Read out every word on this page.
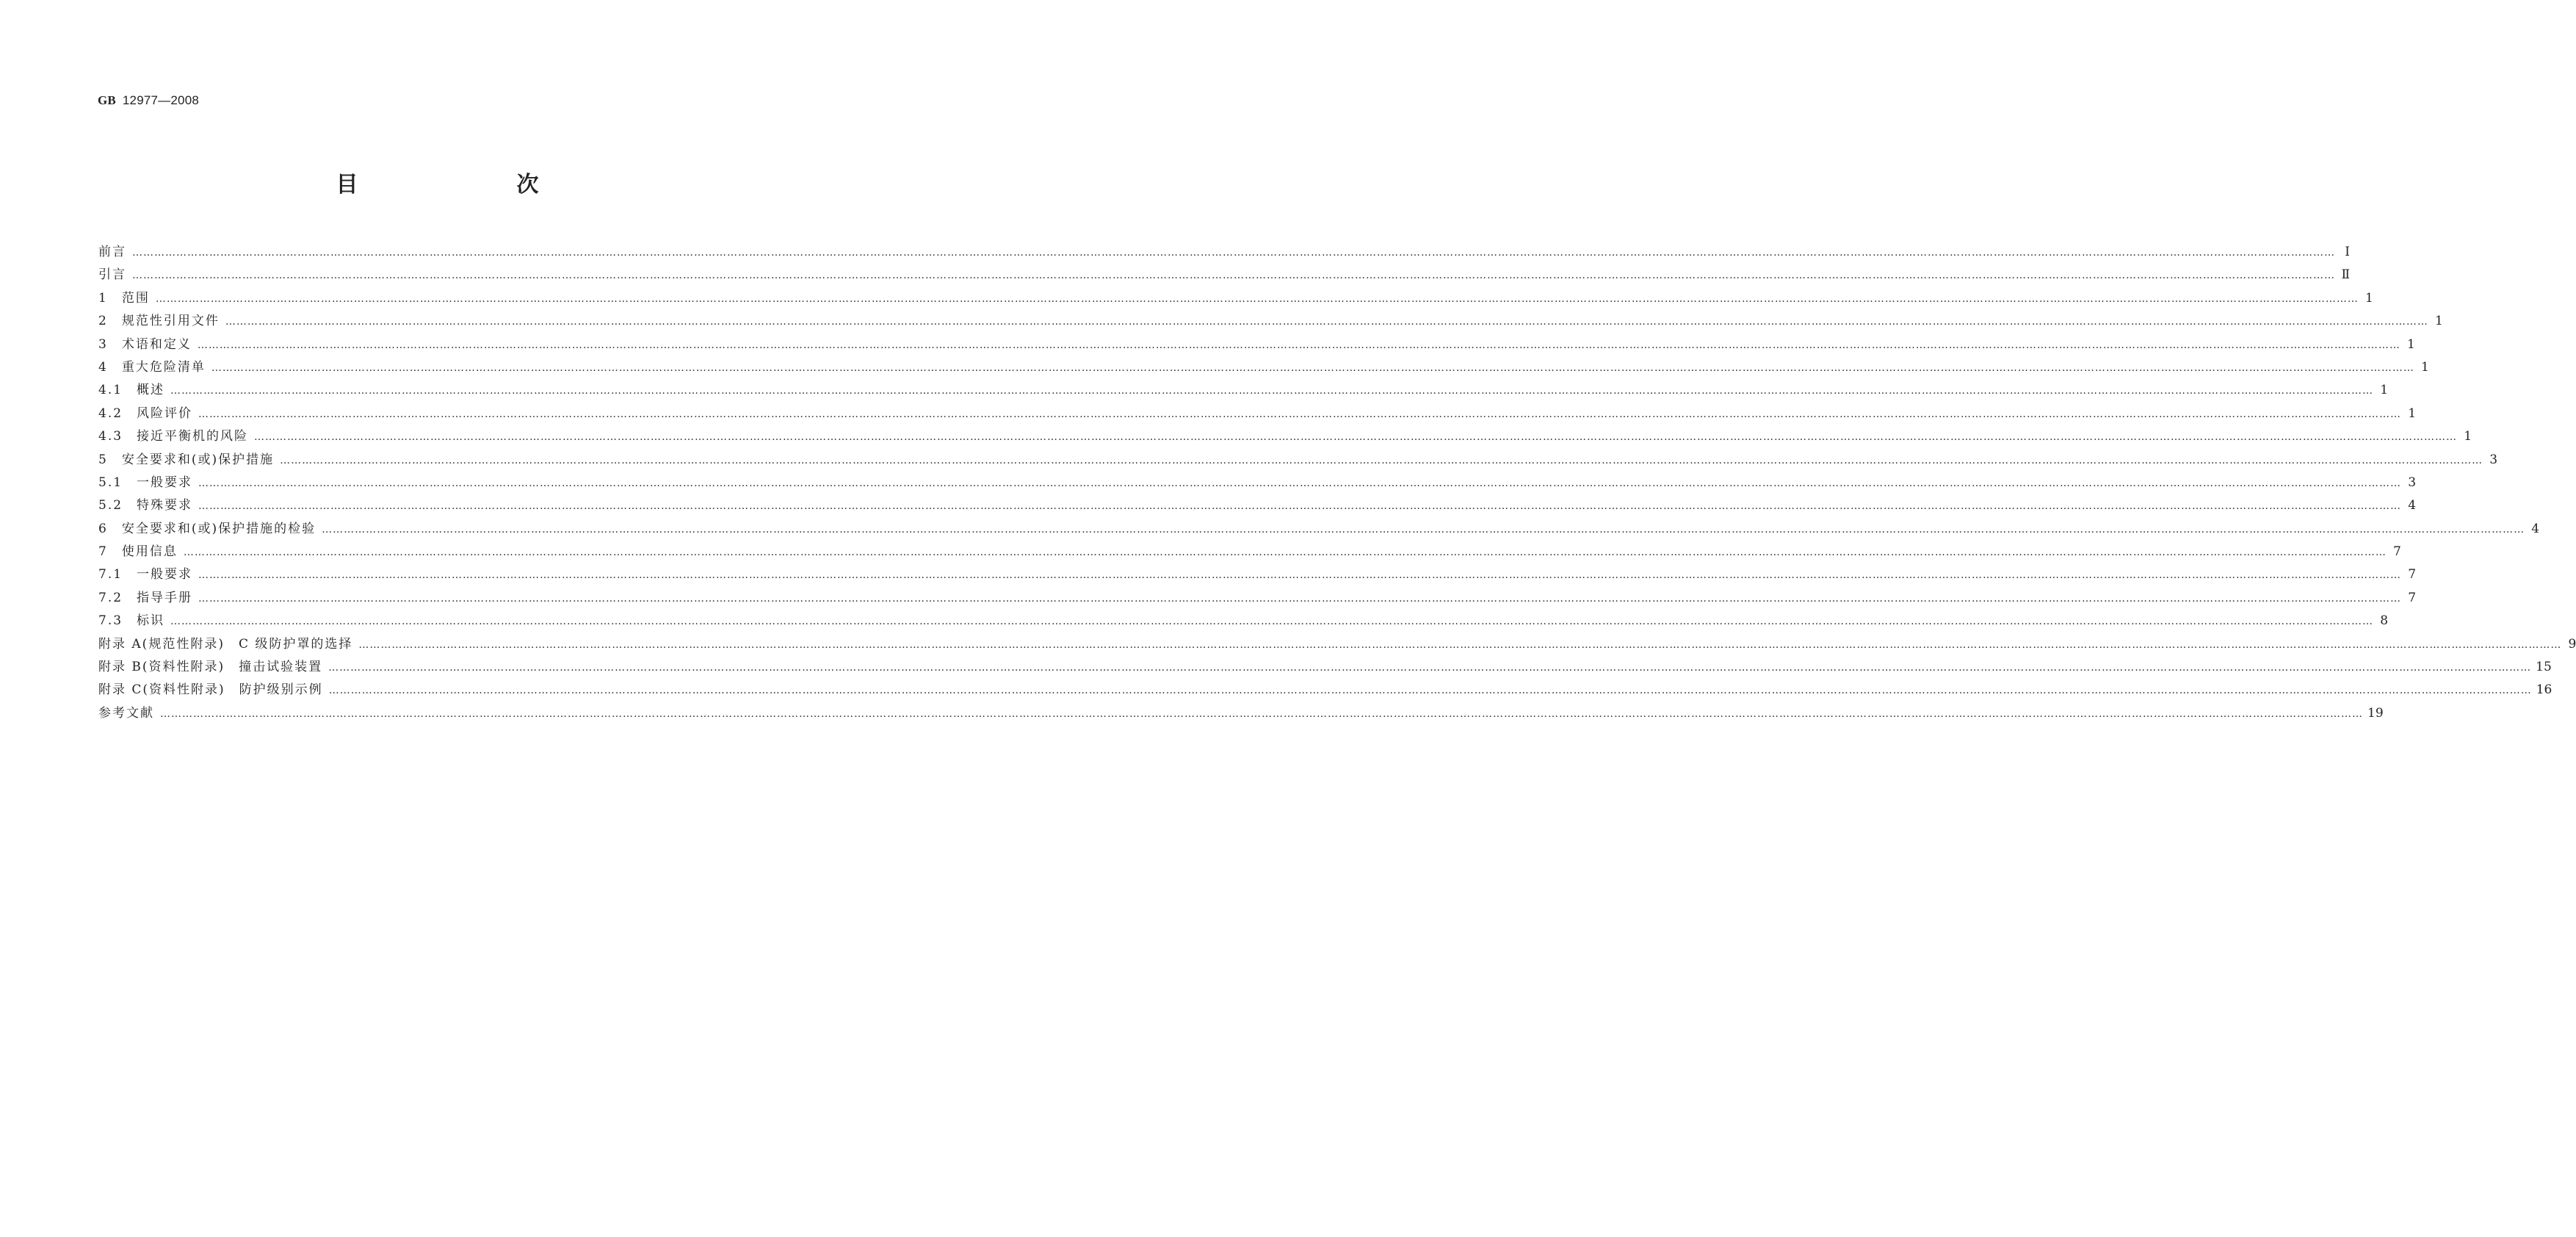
GB 12977—2008
目　　次
前言 …………………………………………………………………………………………………………………………………………………………………………………………………………………………………………………………………………………………………………………………………………………………………………………………………………………………………………………………………………………………………………………………………………………… Ⅰ
引言 …………………………………………………………………………………………………………………………………………………………………………………………………………………………………………………………………………………………………………………………………………………………………………………………………………………………………………………………………………………………………………………………………………………… Ⅱ
1　范围 …………………………………………………………………………………………………………………………………………………………………………………………………………………………………………………………………………………………………………………………………………………………………………………………………………………………………………………………………………………………………………………………………………………… 1
2　规范性引用文件 …………………………………………………………………………………………………………………………………………………………………………………………………………………………………………………………………………………………………………………………………………………………………………………………………………………………………………………………………………………………………………………………………………………… 1
3　术语和定义 …………………………………………………………………………………………………………………………………………………………………………………………………………………………………………………………………………………………………………………………………………………………………………………………………………………………………………………………………………………………………………………………………………………… 1
4　重大危险清单 …………………………………………………………………………………………………………………………………………………………………………………………………………………………………………………………………………………………………………………………………………………………………………………………………………………………………………………………………………………………………………………………………………………… 1
4.1　概述 …………………………………………………………………………………………………………………………………………………………………………………………………………………………………………………………………………………………………………………………………………………………………………………………………………………………………………………………………………………………………………………………………………………… 1
4.2　风险评价 …………………………………………………………………………………………………………………………………………………………………………………………………………………………………………………………………………………………………………………………………………………………………………………………………………………………………………………………………………………………………………………………………………………… 1
4.3　接近平衡机的风险 …………………………………………………………………………………………………………………………………………………………………………………………………………………………………………………………………………………………………………………………………………………………………………………………………………………………………………………………………………………………………………………………………………………… 1
5　安全要求和(或)保护措施 …………………………………………………………………………………………………………………………………………………………………………………………………………………………………………………………………………………………………………………………………………………………………………………………………………………………………………………………………………………………………………………………………………………… 3
5.1　一般要求 …………………………………………………………………………………………………………………………………………………………………………………………………………………………………………………………………………………………………………………………………………………………………………………………………………………………………………………………………………………………………………………………………………………… 3
5.2　特殊要求 …………………………………………………………………………………………………………………………………………………………………………………………………………………………………………………………………………………………………………………………………………………………………………………………………………………………………………………………………………………………………………………………………………………… 4
6　安全要求和(或)保护措施的检验 …………………………………………………………………………………………………………………………………………………………………………………………………………………………………………………………………………………………………………………………………………………………………………………………………………………………………………………………………………………………………………………………………………………… 4
7　使用信息 …………………………………………………………………………………………………………………………………………………………………………………………………………………………………………………………………………………………………………………………………………………………………………………………………………………………………………………………………………………………………………………………………………………… 7
7.1　一般要求 …………………………………………………………………………………………………………………………………………………………………………………………………………………………………………………………………………………………………………………………………………………………………………………………………………………………………………………………………………………………………………………………………………………… 7
7.2　指导手册 …………………………………………………………………………………………………………………………………………………………………………………………………………………………………………………………………………………………………………………………………………………………………………………………………………………………………………………………………………………………………………………………………………………… 7
7.3　标识 …………………………………………………………………………………………………………………………………………………………………………………………………………………………………………………………………………………………………………………………………………………………………………………………………………………………………………………………………………………………………………………………………………………… 8
附录 A(规范性附录)　C 级防护罩的选择 …………………………………………………………………………………………………………………………………………………………………………………………………………………………………………………………………………………………………………………………………………………………………………………………………………………………………………………………………………………………………………………………………………………… 9
附录 B(资料性附录)　撞击试验装置 …………………………………………………………………………………………………………………………………………………………………………………………………………………………………………………………………………………………………………………………………………………………………………………………………………………………………………………………………………………………………………………………………………………… 15
附录 C(资料性附录)　防护级别示例 …………………………………………………………………………………………………………………………………………………………………………………………………………………………………………………………………………………………………………………………………………………………………………………………………………………………………………………………………………………………………………………………………………………… 16
参考文献 …………………………………………………………………………………………………………………………………………………………………………………………………………………………………………………………………………………………………………………………………………………………………………………………………………………………………………………………………………………………………………………………………………………… 19
